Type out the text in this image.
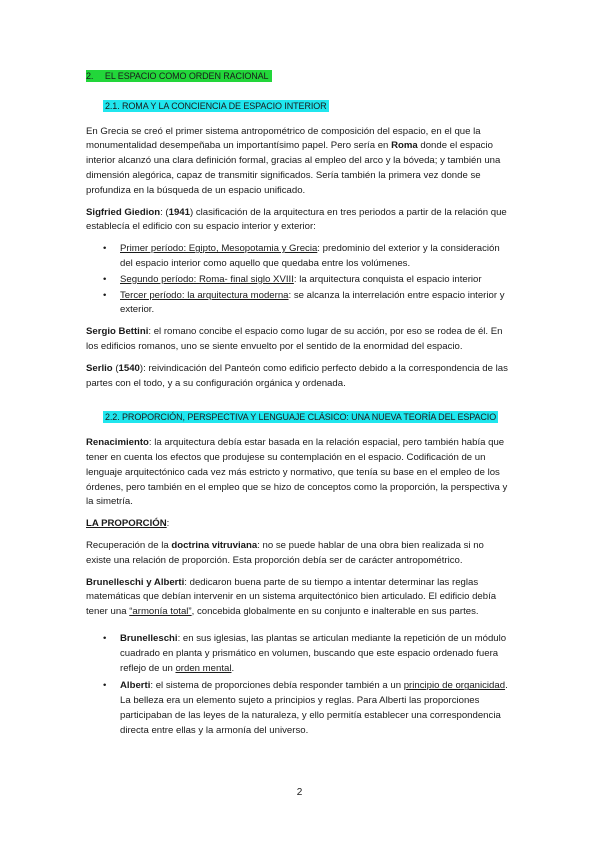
2. EL ESPACIO COMO ORDEN RACIONAL

2.1. ROMA Y LA CONCIENCIA DE ESPACIO INTERIOR

En Grecia se creó el primer sistema antropométrico de composición del espacio, en el que la monumentalidad desempeñaba un importantísimo papel. Pero sería en Roma donde el espacio interior alcanzó una clara definición formal, gracias al empleo del arco y la bóveda; y también una dimensión alegórica, capaz de transmitir significados. Sería también la primera vez donde se profundiza en la búsqueda de un espacio unificado.

Sigfried Giedion: (1941) clasificación de la arquitectura en tres periodos a partir de la relación que establecía el edificio con su espacio interior y exterior:

• Primer período: Egipto, Mesopotamia y Grecia: predominio del exterior y la consideración del espacio interior como aquello que quedaba entre los volúmenes.
• Segundo período: Roma- final siglo XVIII: la arquitectura conquista el espacio interior
• Tercer período: la arquitectura moderna: se alcanza la interrelación entre espacio interior y exterior.

Sergio Bettini: el romano concibe el espacio como lugar de su acción, por eso se rodea de él. En los edificios romanos, uno se siente envuelto por el sentido de la enormidad del espacio.

Serlio (1540): reivindicación del Panteón como edificio perfecto debido a la correspondencia de las partes con el todo, y a su configuración orgánica y ordenada.

2.2. PROPORCIÓN, PERSPECTIVA Y LENGUAJE CLÁSICO: UNA NUEVA TEORÍA DEL ESPACIO

Renacimiento: la arquitectura debía estar basada en la relación espacial, pero también había que tener en cuenta los efectos que produjese su contemplación en el espacio. Codificación de un lenguaje arquitectónico cada vez más estricto y normativo, que tenía su base en el empleo de los órdenes, pero también en el empleo que se hizo de conceptos como la proporción, la perspectiva y la simetría.

LA PROPORCIÓN:

Recuperación de la doctrina vitruviana: no se puede hablar de una obra bien realizada si no existe una relación de proporción. Esta proporción debía ser de carácter antropométrico.

Brunelleschi y Alberti: dedicaron buena parte de su tiempo a intentar determinar las reglas matemáticas que debían intervenir en un sistema arquitectónico bien articulado. El edificio debía tener una “armonía total”, concebida globalmente en su conjunto e inalterable en sus partes.

• Brunelleschi: en sus iglesias, las plantas se articulan mediante la repetición de un módulo cuadrado en planta y prismático en volumen, buscando que este espacio ordenado fuera reflejo de un orden mental.
• Alberti: el sistema de proporciones debía responder también a un principio de organicidad. La belleza era un elemento sujeto a principios y reglas. Para Alberti las proporciones participaban de las leyes de la naturaleza, y ello permitía establecer una correspondencia directa entre ellas y la armonía del universo.
2
